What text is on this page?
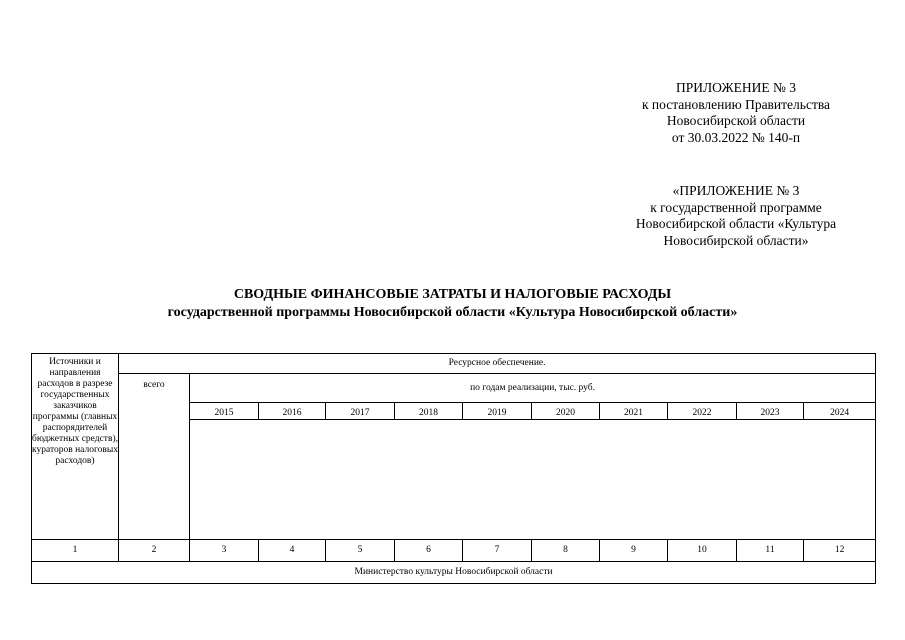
ПРИЛОЖЕНИЕ № 3
к постановлению Правительства
Новосибирской области
от 30.03.2022 № 140-п
«ПРИЛОЖЕНИЕ № 3
к государственной программе
Новосибирской области «Культура
Новосибирской области»
СВОДНЫЕ ФИНАНСОВЫЕ ЗАТРАТЫ И НАЛОГОВЫЕ РАСХОДЫ
государственной программы Новосибирской области «Культура Новосибирской области»
Источники и направления расходов в разрезе государственных заказчиков программы (главных распорядителей бюджетных средств), кураторов налоговых расходов)	Ресурсное обеспечение.										
	всего	по годам реализации, тыс. руб.									
		2015	2016	2017	2018	2019	2020	2021	2022	2023	2024

1	2	3	4	5	6	7	8	9	10	11	12
Министерство культуры Новосибирской области											
